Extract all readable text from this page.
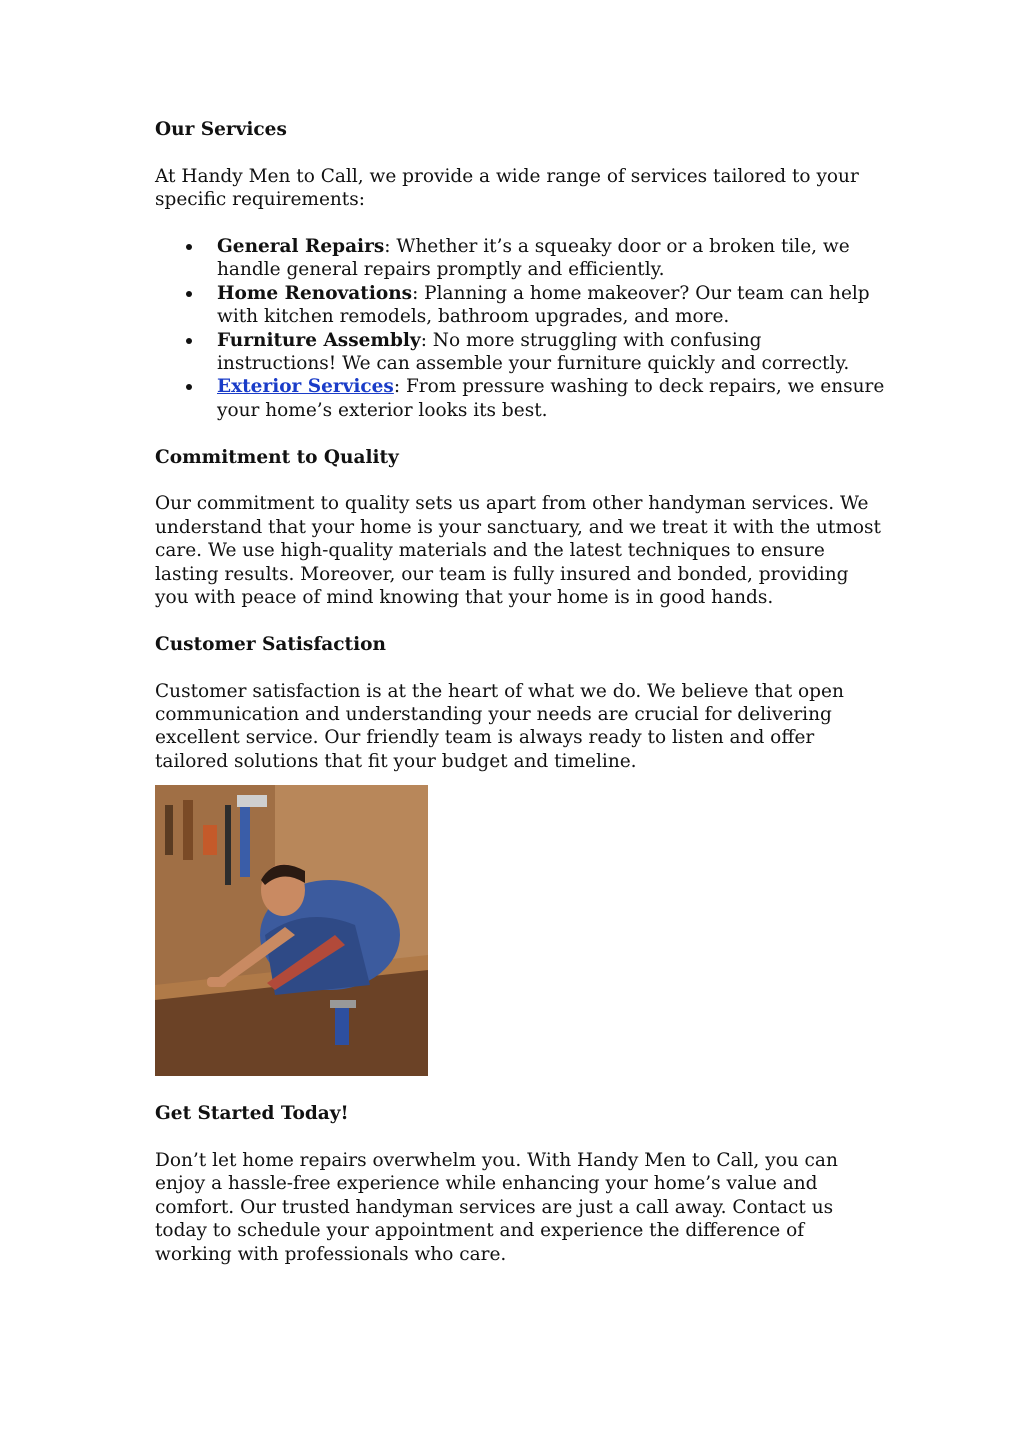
Our Services

At Handy Men to Call, we provide a wide range of services tailored to your specific requirements:

General Repairs: Whether it’s a squeaky door or a broken tile, we handle general repairs promptly and efficiently.
Home Renovations: Planning a home makeover? Our team can help with kitchen remodels, bathroom upgrades, and more.
Furniture Assembly: No more struggling with confusing instructions! We can assemble your furniture quickly and correctly.
Exterior Services: From pressure washing to deck repairs, we ensure your home’s exterior looks its best.
Commitment to Quality

Our commitment to quality sets us apart from other handyman services. We understand that your home is your sanctuary, and we treat it with the utmost care. We use high-quality materials and the latest techniques to ensure lasting results. Moreover, our team is fully insured and bonded, providing you with peace of mind knowing that your home is in good hands.

Customer Satisfaction

Customer satisfaction is at the heart of what we do. We believe that open communication and understanding your needs are crucial for delivering excellent service. Our friendly team is always ready to listen and offer tailored solutions that fit your budget and timeline.

Get Started Today!

Don’t let home repairs overwhelm you. With Handy Men to Call, you can enjoy a hassle-free experience while enhancing your home’s value and comfort. Our trusted handyman services are just a call away. Contact us today to schedule your appointment and experience the difference of working with professionals who care.
